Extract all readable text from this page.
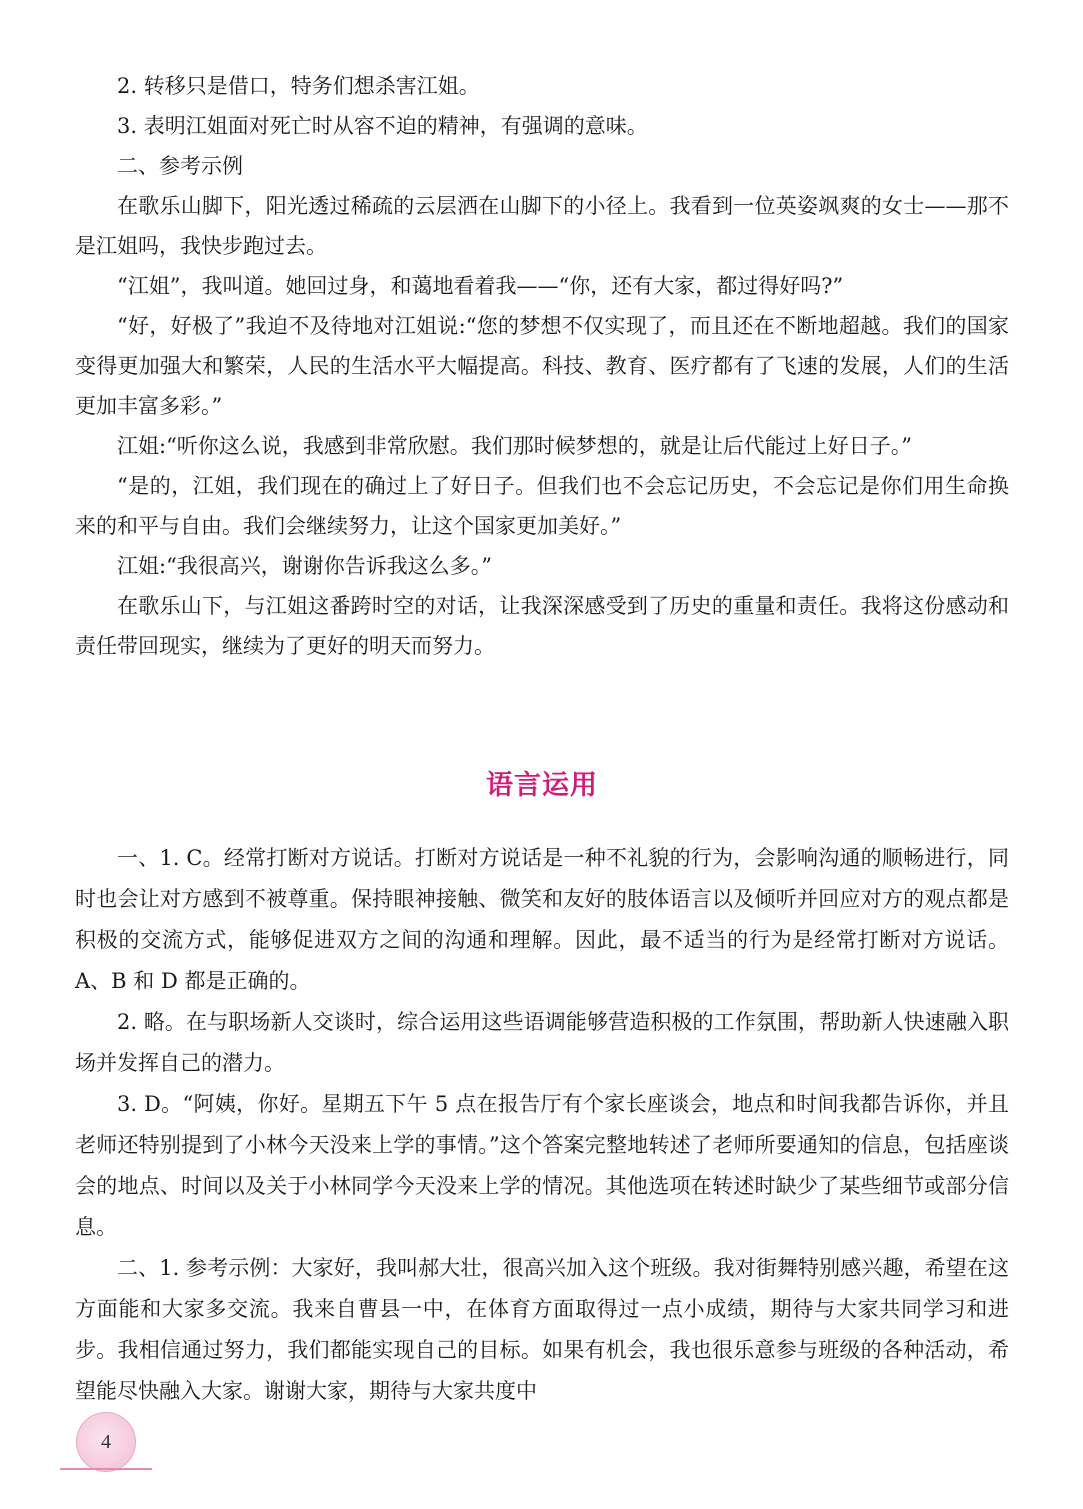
2. 转移只是借口，特务们想杀害江姐。

3. 表明江姐面对死亡时从容不迫的精神，有强调的意味。

二、参考示例

在歌乐山脚下，阳光透过稀疏的云层洒在山脚下的小径上。我看到一位英姿飒爽的女士——那不是江姐吗，我快步跑过去。

“江姐”，我叫道。她回过身，和蔼地看着我——“你，还有大家，都过得好吗?”

“好，好极了”我迫不及待地对江姐说:“您的梦想不仅实现了，而且还在不断地超越。我们的国家变得更加强大和繁荣，人民的生活水平大幅提高。科技、教育、医疗都有了飞速的发展，人们的生活更加丰富多彩。”

江姐:“听你这么说，我感到非常欣慰。我们那时候梦想的，就是让后代能过上好日子。”

“是的，江姐，我们现在的确过上了好日子。但我们也不会忘记历史，不会忘记是你们用生命换来的和平与自由。我们会继续努力，让这个国家更加美好。”

江姐:“我很高兴，谢谢你告诉我这么多。”

在歌乐山下，与江姐这番跨时空的对话，让我深深感受到了历史的重量和责任。我将这份感动和责任带回现实，继续为了更好的明天而努力。

语言运用

一、1. C。经常打断对方说话。打断对方说话是一种不礼貌的行为，会影响沟通的顺畅进行，同时也会让对方感到不被尊重。保持眼神接触、微笑和友好的肢体语言以及倾听并回应对方的观点都是积极的交流方式，能够促进双方之间的沟通和理解。因此，最不适当的行为是经常打断对方说话。A、B 和 D 都是正确的。

2. 略。在与职场新人交谈时，综合运用这些语调能够营造积极的工作氛围，帮助新人快速融入职场并发挥自己的潜力。

3. D。“阿姨，你好。星期五下午 5 点在报告厅有个家长座谈会，地点和时间我都告诉你，并且老师还特别提到了小林今天没来上学的事情。”这个答案完整地转述了老师所要通知的信息，包括座谈会的地点、时间以及关于小林同学今天没来上学的情况。其他选项在转述时缺少了某些细节或部分信息。

二、1. 参考示例：大家好，我叫郝大壮，很高兴加入这个班级。我对街舞特别感兴趣，希望在这方面能和大家多交流。我来自曹县一中，在体育方面取得过一点小成绩，期待与大家共同学习和进步。我相信通过努力，我们都能实现自己的目标。如果有机会，我也很乐意参与班级的各种活动，希望能尽快融入大家。谢谢大家，期待与大家共度中

4
